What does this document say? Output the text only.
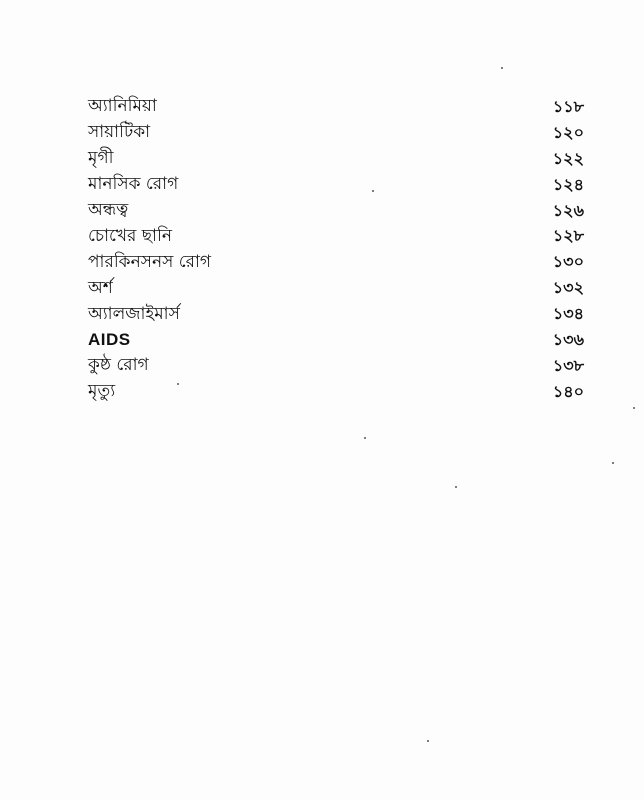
অ্যানিমিয়া	১১৮
সায়াটিকা	১২০
মৃগী	১২২
মানসিক রোগ	১২৪
অন্ধত্ব	১২৬
চোখের ছানি	১২৮
পারকিনসনস রোগ	১৩০
অর্শ	১৩২
অ্যালজাইমার্স	১৩৪
AIDS	১৩৬
কুষ্ঠ রোগ	১৩৮
মৃত্যু	১৪০
